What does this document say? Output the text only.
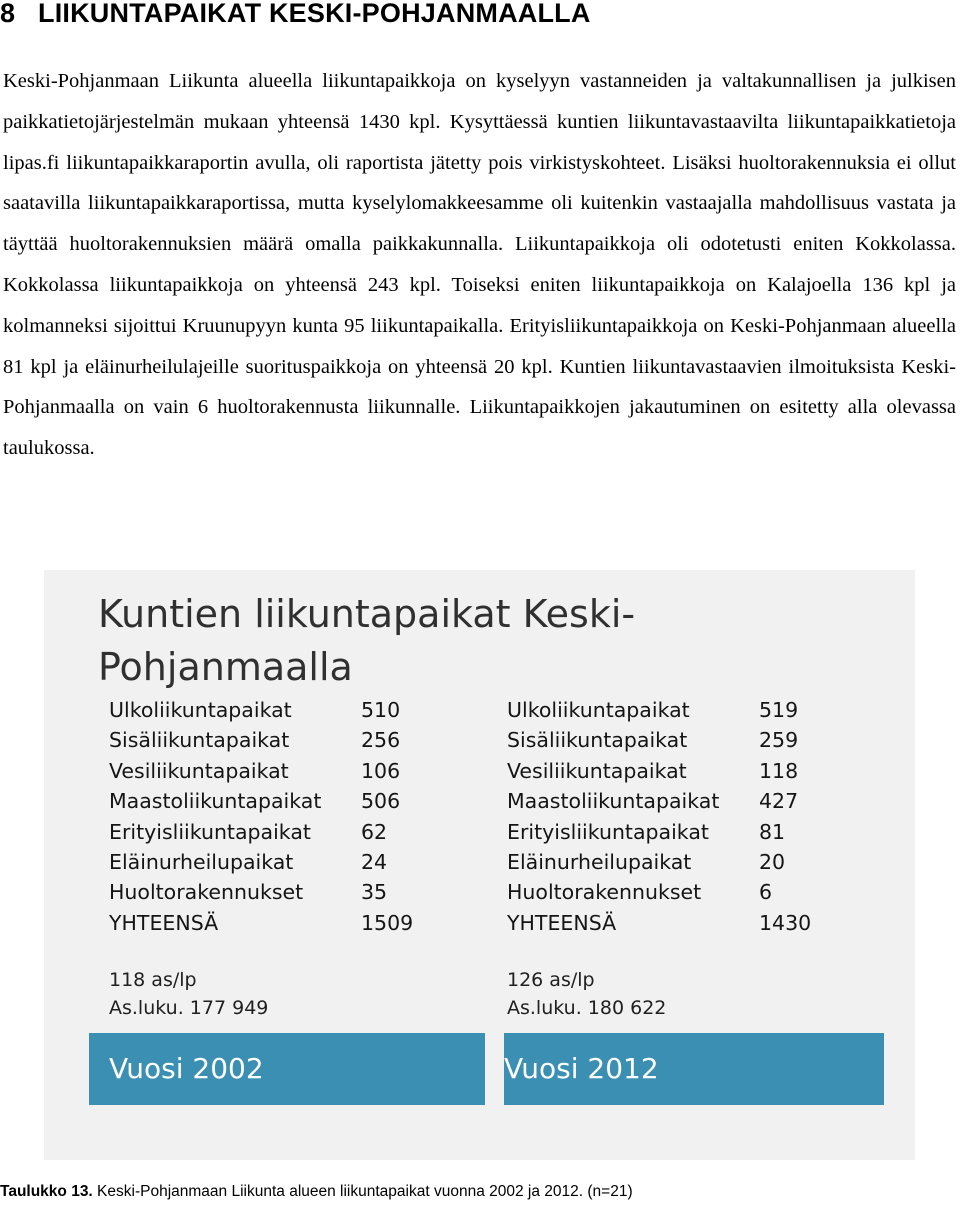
8 LIIKUNTAPAIKAT KESKI-POHJANMAALLA

Keski-Pohjanmaan Liikunta alueella liikuntapaikkoja on kyselyyn vastanneiden ja valtakunnallisen ja julkisen paikkatietojärjestelmän mukaan yhteensä 1430 kpl. Kysyttäessä kuntien liikuntavastaavilta liikuntapaikkatietoja lipas.fi liikuntapaikkaraportin avulla, oli raportista jätetty pois virkistyskohteet. Lisäksi huoltorakennuksia ei ollut saatavilla liikuntapaikkaraportissa, mutta kyselylomakkeesamme oli kuitenkin vastaajalla mahdollisuus vastata ja täyttää huoltorakennuksien määrä omalla paikkakunnalla. Liikuntapaikkoja oli odotetusti eniten Kokkolassa. Kokkolassa liikuntapaikkoja on yhteensä 243 kpl. Toiseksi eniten liikuntapaikkoja on Kalajoella 136 kpl ja kolmanneksi sijoittui Kruunupyyn kunta 95 liikuntapaikalla. Erityisliikuntapaikkoja on Keski-Pohjanmaan alueella 81 kpl ja eläinurheilulajeille suorituspaikkoja on yhteensä 20 kpl. Kuntien liikuntavastaavien ilmoituksista Keski-Pohjanmaalla on vain 6 huoltorakennusta liikunnalle. Liikuntapaikkojen jakautuminen on esitetty alla olevassa taulukossa.

Kuntien liikuntapaikat Keski-Pohjanmaalla
Ulkoliikuntapaikat	510
Sisäliikuntapaikat	256
Vesiliikuntapaikat	106
Maastoliikuntapaikat	506
Erityisliikuntapaikat	62
Eläinurheilupaikat	24
Huoltorakennukset	35
YHTEENSÄ	1509
Ulkoliikuntapaikat	519
Sisäliikuntapaikat	259
Vesiliikuntapaikat	118
Maastoliikuntapaikat	427
Erityisliikuntapaikat	81
Eläinurheilupaikat	20
Huoltorakennukset	6
YHTEENSÄ	1430
118 as/lp
As.luku. 177 949
126 as/lp
As.luku. 180 622
Vuosi 2002	Vuosi 2012

Taulukko 13. Keski-Pohjanmaan Liikunta alueen liikuntapaikat vuonna 2002 ja 2012. (n=21)
